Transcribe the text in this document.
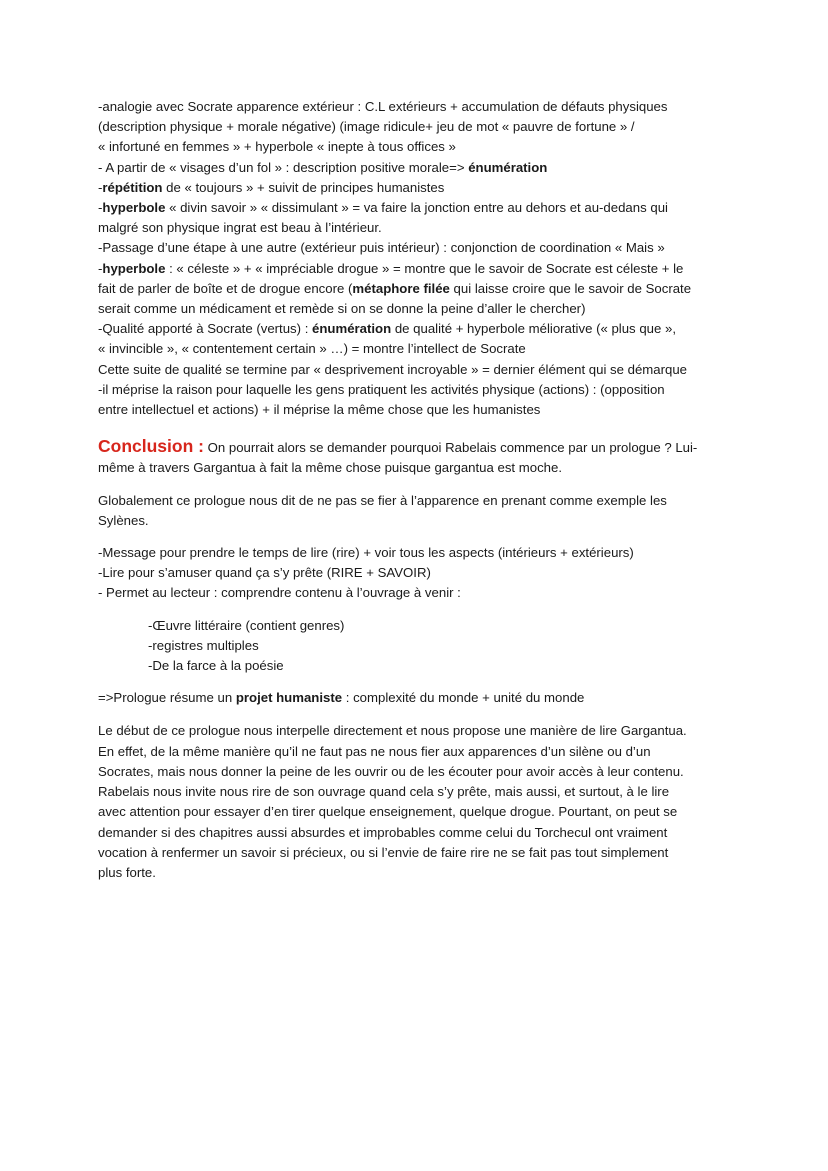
-analogie avec Socrate apparence extérieur : C.L extérieurs + accumulation de défauts physiques
(description physique + morale négative) (image ridicule+ jeu de mot « pauvre de fortune » /
« infortuné en femmes » + hyperbole « inepte à tous offices »
- A partir de « visages d’un fol » : description positive morale=> énumération
-répétition de « toujours » + suivit de principes humanistes
-hyperbole « divin savoir » « dissimulant » = va faire la jonction entre au dehors et au-dedans qui
malgré son physique ingrat est beau à l’intérieur.
-Passage d’une étape à une autre (extérieur puis intérieur) : conjonction de coordination « Mais »
-hyperbole : « céleste » + « impréciable drogue » = montre que le savoir de Socrate est céleste + le
fait de parler de boîte et de drogue encore (métaphore filée qui laisse croire que le savoir de Socrate
serait comme un médicament et remède si on se donne la peine d’aller le chercher)
-Qualité apporté à Socrate (vertus) : énumération de qualité + hyperbole méliorative (« plus que »,
« invincible », « contentement certain » …) = montre l’intellect de Socrate
Cette suite de qualité se termine par « desprivement incroyable » = dernier élément qui se démarque
-il méprise la raison pour laquelle les gens pratiquent les activités physique (actions) : (opposition
entre intellectuel et actions) + il méprise la même chose que les humanistes
Conclusion : On pourrait alors se demander pourquoi Rabelais commence par un prologue ? Lui-
même à travers Gargantua à fait la même chose puisque gargantua est moche.
Globalement ce prologue nous dit de ne pas se fier à l’apparence en prenant comme exemple les
Sylènes.
-Message pour prendre le temps de lire (rire) + voir tous les aspects (intérieurs + extérieurs)
-Lire pour s’amuser quand ça s’y prête (RIRE + SAVOIR)
- Permet au lecteur : comprendre contenu à l’ouvrage à venir :
-Œuvre littéraire (contient genres)
-registres multiples
-De la farce à la poésie
=>Prologue résume un projet humaniste : complexité du monde + unité du monde
Le début de ce prologue nous interpelle directement et nous propose une manière de lire Gargantua.
En effet, de la même manière qu’il ne faut pas ne nous fier aux apparences d’un silène ou d’un
Socrates, mais nous donner la peine de les ouvrir ou de les écouter pour avoir accès à leur contenu.
Rabelais nous invite nous rire de son ouvrage quand cela s’y prête, mais aussi, et surtout, à le lire
avec attention pour essayer d’en tirer quelque enseignement, quelque drogue. Pourtant, on peut se
demander si des chapitres aussi absurdes et improbables comme celui du Torchecul ont vraiment
vocation à renfermer un savoir si précieux, ou si l’envie de faire rire ne se fait pas tout simplement
plus forte.
